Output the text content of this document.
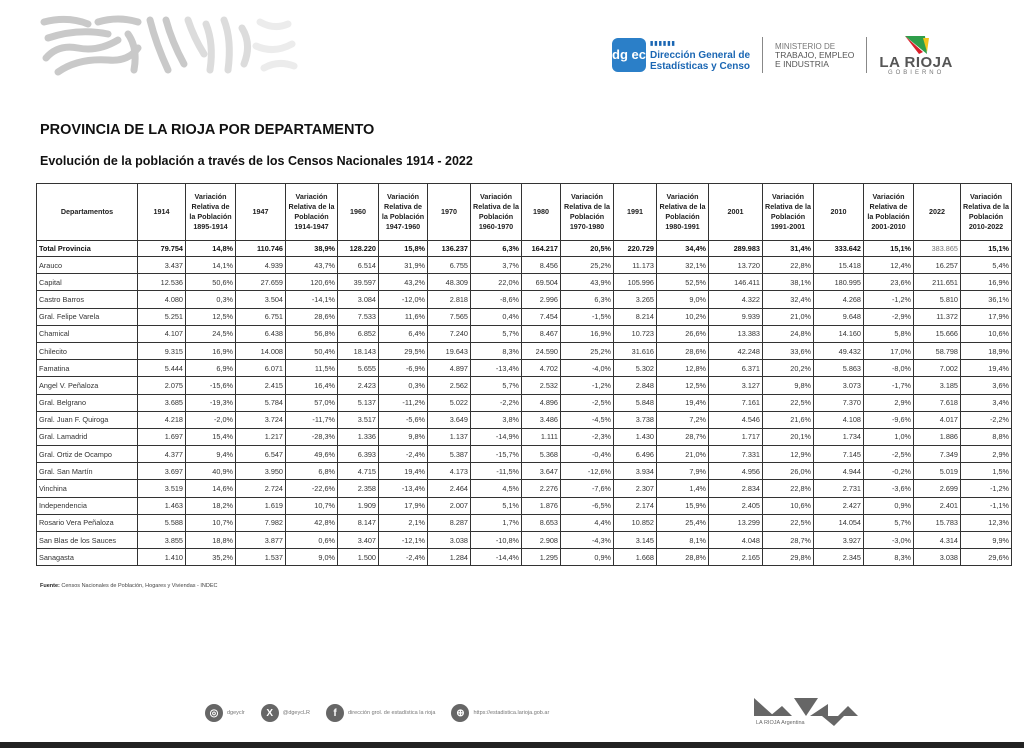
dg ec
▮▮▮▮▮▮
Dirección General de
Estadísticas y Censo
MINISTERIO DE
TRABAJO, EMPLEO
E INDUSTRIA	LA RIOJA
GOBIERNO
PROVINCIA DE LA RIOJA POR DEPARTAMENTO
Evolución de la población a través de los Censos Nacionales 1914 - 2022
Departamentos	1914	Variación Relativa de la Población 1895-1914	1947	Variación Relativa de la Población 1914-1947	1960	Variación Relativa de la Población 1947-1960	1970	Variación Relativa de la Población 1960-1970	1980	Variación Relativa de la Población 1970-1980	1991	Variación Relativa de la Población 1980-1991	2001	Variación Relativa de la Población 1991-2001	2010	Variación Relativa de la Población 2001-2010	2022	Variación Relativa de la Población 2010-2022
Total Provincia	79.754	14,8%	110.746	38,9%	128.220	15,8%	136.237	6,3%	164.217	20,5%	220.729	34,4%	289.983	31,4%	333.642	15,1%	383.865	15,1%
Arauco	3.437	14,1%	4.939	43,7%	6.514	31,9%	6.755	3,7%	8.456	25,2%	11.173	32,1%	13.720	22,8%	15.418	12,4%	16.257	5,4%
Capital	12.536	50,6%	27.659	120,6%	39.597	43,2%	48.309	22,0%	69.504	43,9%	105.996	52,5%	146.411	38,1%	180.995	23,6%	211.651	16,9%
Castro Barros	4.080	0,3%	3.504	-14,1%	3.084	-12,0%	2.818	-8,6%	2.996	6,3%	3.265	9,0%	4.322	32,4%	4.268	-1,2%	5.810	36,1%
Gral. Felipe Varela	5.251	12,5%	6.751	28,6%	7.533	11,6%	7.565	0,4%	7.454	-1,5%	8.214	10,2%	9.939	21,0%	9.648	-2,9%	11.372	17,9%
Chamical	4.107	24,5%	6.438	56,8%	6.852	6,4%	7.240	5,7%	8.467	16,9%	10.723	26,6%	13.383	24,8%	14.160	5,8%	15.666	10,6%
Chilecito	9.315	16,9%	14.008	50,4%	18.143	29,5%	19.643	8,3%	24.590	25,2%	31.616	28,6%	42.248	33,6%	49.432	17,0%	58.798	18,9%
Famatina	5.444	6,9%	6.071	11,5%	5.655	-6,9%	4.897	-13,4%	4.702	-4,0%	5.302	12,8%	6.371	20,2%	5.863	-8,0%	7.002	19,4%
Angel V. Peñaloza	2.075	-15,6%	2.415	16,4%	2.423	0,3%	2.562	5,7%	2.532	-1,2%	2.848	12,5%	3.127	9,8%	3.073	-1,7%	3.185	3,6%
Gral. Belgrano	3.685	-19,3%	5.784	57,0%	5.137	-11,2%	5.022	-2,2%	4.896	-2,5%	5.848	19,4%	7.161	22,5%	7.370	2,9%	7.618	3,4%
Gral. Juan F. Quiroga	4.218	-2,0%	3.724	-11,7%	3.517	-5,6%	3.649	3,8%	3.486	-4,5%	3.738	7,2%	4.546	21,6%	4.108	-9,6%	4.017	-2,2%
Gral. Lamadrid	1.697	15,4%	1.217	-28,3%	1.336	9,8%	1.137	-14,9%	1.111	-2,3%	1.430	28,7%	1.717	20,1%	1.734	1,0%	1.886	8,8%
Gral. Ortiz de Ocampo	4.377	9,4%	6.547	49,6%	6.393	-2,4%	5.387	-15,7%	5.368	-0,4%	6.496	21,0%	7.331	12,9%	7.145	-2,5%	7.349	2,9%
Gral. San Martín	3.697	40,9%	3.950	6,8%	4.715	19,4%	4.173	-11,5%	3.647	-12,6%	3.934	7,9%	4.956	26,0%	4.944	-0,2%	5.019	1,5%
Vinchina	3.519	14,6%	2.724	-22,6%	2.358	-13,4%	2.464	4,5%	2.276	-7,6%	2.307	1,4%	2.834	22,8%	2.731	-3,6%	2.699	-1,2%
Independencia	1.463	18,2%	1.619	10,7%	1.909	17,9%	2.007	5,1%	1.876	-6,5%	2.174	15,9%	2.405	10,6%	2.427	0,9%	2.401	-1,1%
Rosario Vera Peñaloza	5.588	10,7%	7.982	42,8%	8.147	2,1%	8.287	1,7%	8.653	4,4%	10.852	25,4%	13.299	22,5%	14.054	5,7%	15.783	12,3%
San Blas de los Sauces	3.855	18,8%	3.877	0,6%	3.407	-12,1%	3.038	-10,8%	2.908	-4,3%	3.145	8,1%	4.048	28,7%	3.927	-3,0%	4.314	9,9%
Sanagasta	1.410	35,2%	1.537	9,0%	1.500	-2,4%	1.284	-14,4%	1.295	0,9%	1.668	28,8%	2.165	29,8%	2.345	8,3%	3.038	29,6%
Fuente: Censos Nacionales de Población, Hogares y Viviendas - INDEC
◎	dgeyclr	X	@dgeycLR	f	dirección grol. de estadística la rioja	⊕	https://estadistica.larioja.gob.ar
LA RIOJA Argentina
